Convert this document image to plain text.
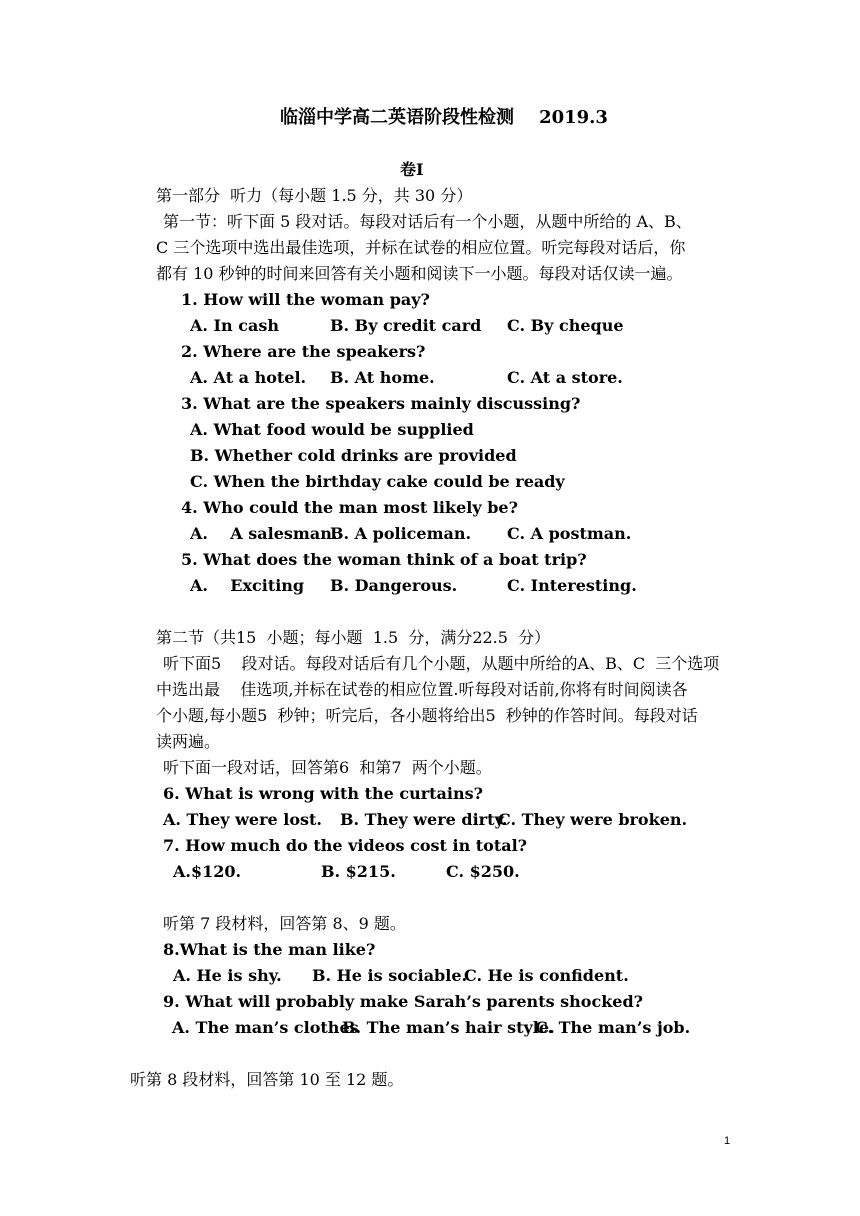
临淄中学高二英语阶段性检测    2019.3
卷I
第一部分  听力（每小题 1.5 分，共 30 分）
第一节：听下面 5 段对话。每段对话后有一个小题，从题中所给的 A、B、
C 三个选项中选出最佳选项，并标在试卷的相应位置。听完每段对话后，你
都有 10 秒钟的时间来回答有关小题和阅读下一小题。每段对话仅读一遍。
1. How will the woman pay?
A. In cash	B. By credit card C. By cheque
2. Where are the speakers?
A. At a hotel. B. At home.	C. At a store.
3. What are the speakers mainly discussing?
A. What food would be supplied
B. Whether cold drinks are provided
C. When the birthday cake could be ready
4. Who could the man most likely be?
A.    A salesman.
B. A policeman. C. A postman.
5. What does the woman think of a boat trip?
A.    Exciting B. Dangerous.	C. Interesting.
第二节（共15  小题；每小题  1.5  分，满分22.5  分）
听下面5    段对话。每段对话后有几个小题，从题中所给的A、B、C  三个选项
中选出最    佳选项,并标在试卷的相应位置.听每段对话前,你将有时间阅读各
个小题,每小题5  秒钟；听完后，各小题将给出5  秒钟的作答时间。每段对话
读两遍。
听下面一段对话，回答第6  和第7  两个小题。
6. What is wrong with the curtains?
A. They were lost. B. They were dirty.
C. They were broken.
7. How much do the videos cost in total?
A.$120.	B. $215.	C. $250.
听第 7 段材料，回答第 8、9 题。
8.What is the man like?
A. He is shy. B. He is sociable.
C. He is confident.
9. What will probably make Sarah’s parents shocked?
A. The man’s clothes
B. The man’s hair style.
C. The man’s job.
听第 8 段材料，回答第 10 至 12 题。
1
